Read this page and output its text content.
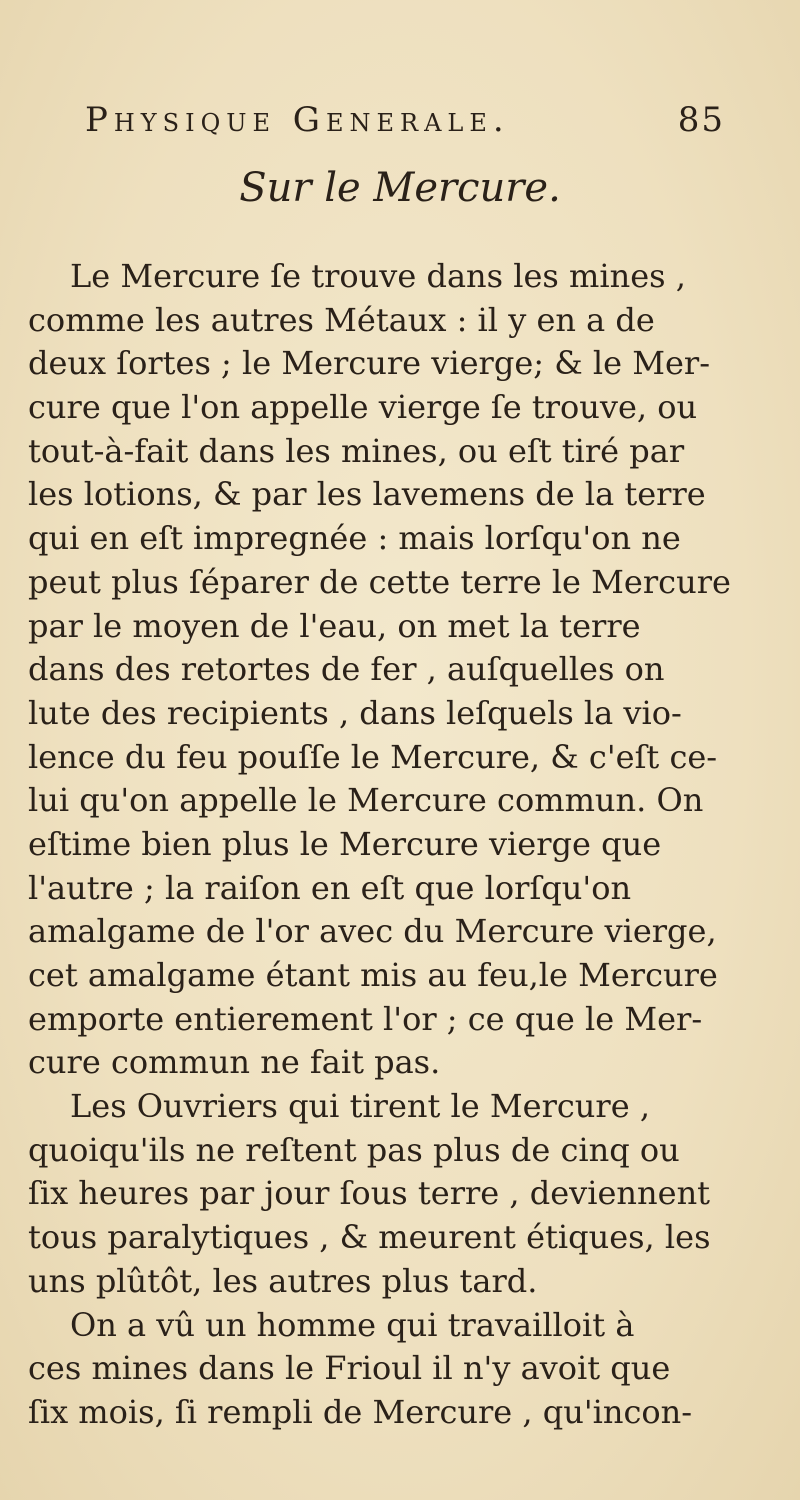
Physique Generale.	85
Sur le Mercure.
Le Mercure ſe trouve dans les mines ,
comme les autres Métaux : il y en a de
deux ſortes ; le Mercure vierge; & le Mer-
cure que l'on appelle vierge ſe trouve, ou
tout-à-fait dans les mines, ou eſt tiré par
les lotions, & par les lavemens de la terre
qui en eſt impregnée : mais lorſqu'on ne
peut plus ſéparer de cette terre le Mercure
par le moyen de l'eau, on met la terre
dans des retortes de fer , auſquelles on
lute des recipients , dans leſquels la vio-
lence du feu pouſſe le Mercure, & c'eſt ce-
lui qu'on appelle le Mercure commun. On
eſtime bien plus le Mercure vierge que
l'autre ; la raiſon en eſt que lorſqu'on
amalgame de l'or avec du Mercure vierge,
cet amalgame étant mis au feu,le Mercure
emporte entierement l'or ; ce que le Mer-
cure commun ne fait pas.
Les Ouvriers qui tirent le Mercure ,
quoiqu'ils ne reſtent pas plus de cinq ou
ſix heures par jour ſous terre , deviennent
tous paralytiques , & meurent étiques, les
uns plûtôt, les autres plus tard.
On a vû un homme qui travailloit à
ces mines dans le Frioul il n'y avoit que
ſix mois, ſi rempli de Mercure , qu'incon-
